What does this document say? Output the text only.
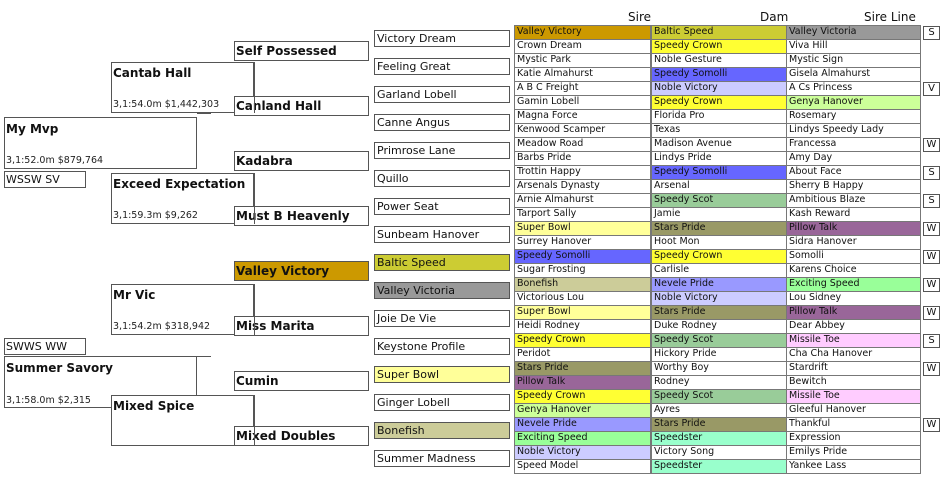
Sire	Dam	Sire Line
My Mvp
3,1:52.0m $879,764
WSSW SV
SWWS WW
Summer Savory
3,1:58.0m $2,315
Cantab Hall
3,1:54.0m $1,442,303
Exceed Expectation
3,1:59.3m $9,262
Mr Vic
3,1:54.2m $318,942
Mixed Spice
Self Possessed
Canland Hall
Kadabra
Must B Heavenly
Valley Victory
Miss Marita
Cumin
Mixed Doubles
Victory Dream
Feeling Great
Garland Lobell
Canne Angus
Primrose Lane
Quillo
Power Seat
Sunbeam Hanover
Baltic Speed
Valley Victoria
Joie De Vie
Keystone Profile
Super Bowl
Ginger Lobell
Bonefish
Summer Madness
Valley Victory	Baltic Speed	Valley Victoria	S
Crown Dream	Speedy Crown	Viva Hill
Mystic Park	Noble Gesture	Mystic Sign
Katie Almahurst	Speedy Somolli	Gisela Almahurst
A B C Freight	Noble Victory	A Cs Princess	V
Gamin Lobell	Speedy Crown	Genya Hanover
Magna Force	Florida Pro	Rosemary
Kenwood Scamper	Texas	Lindys Speedy Lady
Meadow Road	Madison Avenue	Francessa	W
Barbs Pride	Lindys Pride	Amy Day
Trottin Happy	Speedy Somolli	About Face	S
Arsenals Dynasty	Arsenal	Sherry B Happy
Arnie Almahurst	Speedy Scot	Ambitious Blaze	S
Tarport Sally	Jamie	Kash Reward
Super Bowl	Stars Pride	Pillow Talk	W
Surrey Hanover	Hoot Mon	Sidra Hanover
Speedy Somolli	Speedy Crown	Somolli	W
Sugar Frosting	Carlisle	Karens Choice
Bonefish	Nevele Pride	Exciting Speed	W
Victorious Lou	Noble Victory	Lou Sidney
Super Bowl	Stars Pride	Pillow Talk	W
Heidi Rodney	Duke Rodney	Dear Abbey
Speedy Crown	Speedy Scot	Missile Toe	S
Peridot	Hickory Pride	Cha Cha Hanover
Stars Pride	Worthy Boy	Stardrift	W
Pillow Talk	Rodney	Bewitch
Speedy Crown	Speedy Scot	Missile Toe
Genya Hanover	Ayres	Gleeful Hanover
Nevele Pride	Stars Pride	Thankful	W
Exciting Speed	Speedster	Expression
Noble Victory	Victory Song	Emilys Pride
Speed Model	Speedster	Yankee Lass
